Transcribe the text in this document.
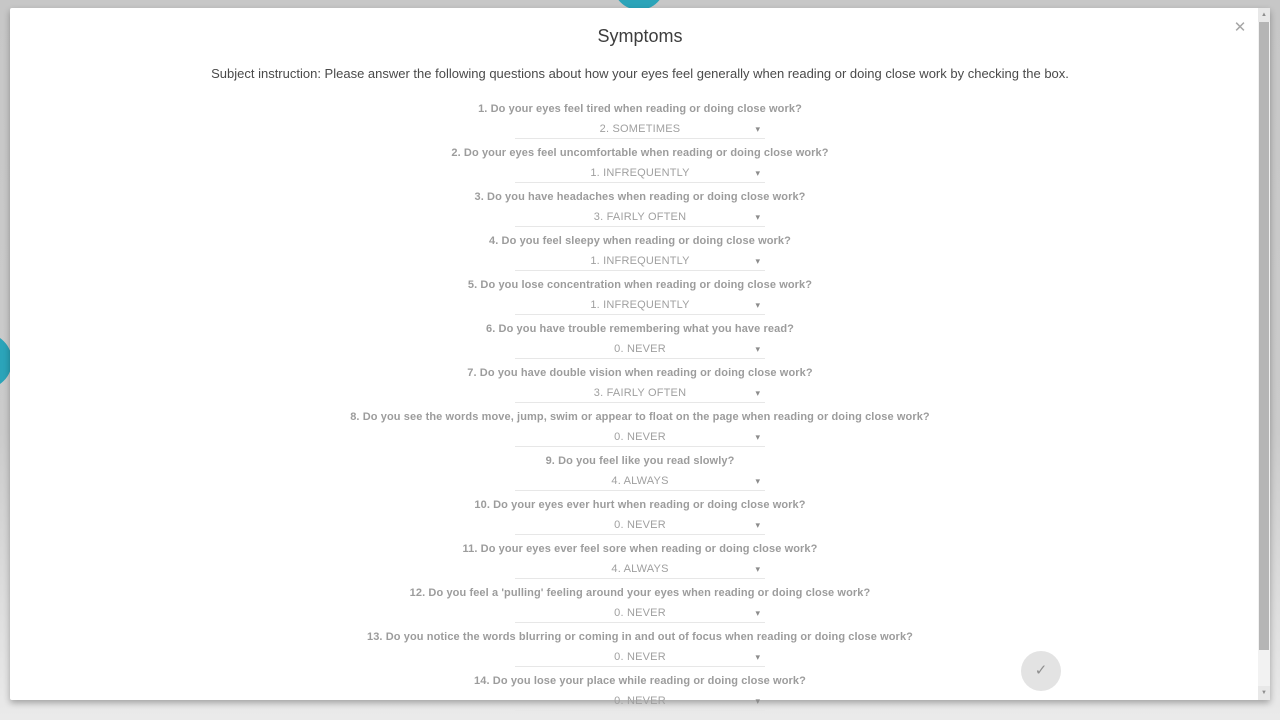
✕
Symptoms
Subject instruction: Please answer the following questions about how your eyes feel generally when reading or doing close work by checking the box.
1. Do your eyes feel tired when reading or doing close work?
2. SOMETIMES	▾
2. Do your eyes feel uncomfortable when reading or doing close work?
1. INFREQUENTLY	▾
3. Do you have headaches when reading or doing close work?
3. FAIRLY OFTEN	▾
4. Do you feel sleepy when reading or doing close work?
1. INFREQUENTLY	▾
5. Do you lose concentration when reading or doing close work?
1. INFREQUENTLY	▾
6. Do you have trouble remembering what you have read?
0. NEVER	▾
7. Do you have double vision when reading or doing close work?
3. FAIRLY OFTEN	▾
8. Do you see the words move, jump, swim or appear to float on the page when reading or doing close work?
0. NEVER	▾
9. Do you feel like you read slowly?
4. ALWAYS	▾
10. Do your eyes ever hurt when reading or doing close work?
0. NEVER	▾
11. Do your eyes ever feel sore when reading or doing close work?
4. ALWAYS	▾
12. Do you feel a 'pulling' feeling around your eyes when reading or doing close work?
0. NEVER	▾
13. Do you notice the words blurring or coming in and out of focus when reading or doing close work?
0. NEVER	▾
14. Do you lose your place while reading or doing close work?
0. NEVER	▾
✓
▲
▼
